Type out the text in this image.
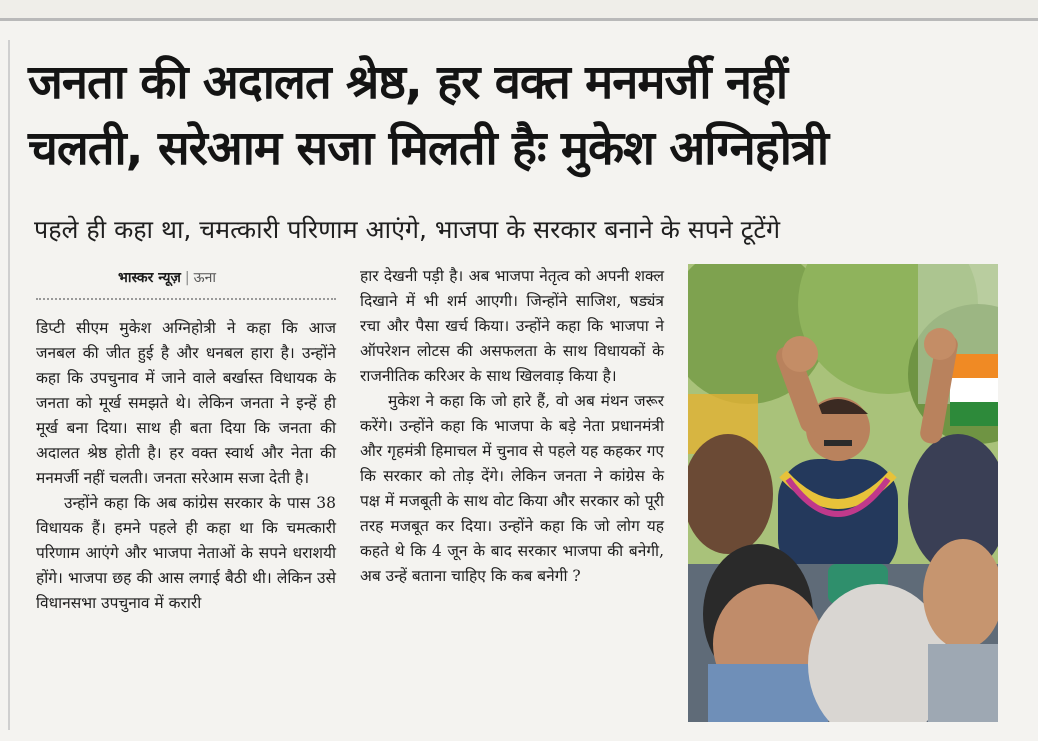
जनता की अदालत श्रेष्ठ, हर वक्त मनमर्जी नहीं
चलती, सरेआम सजा मिलती हैः मुकेश अग्निहोत्री

पहले ही कहा था, चमत्कारी परिणाम आएंगे, भाजपा के सरकार बनाने के सपने टूटेंगे

भास्कर न्यूज़ | ऊना

डिप्टी सीएम मुकेश अग्निहोत्री ने कहा कि आज जनबल की जीत हुई है और धनबल हारा है। उन्होंने कहा कि उपचुनाव में जाने वाले बर्खास्त विधायक के जनता को मूर्ख समझते थे। लेकिन जनता ने इन्हें ही मूर्ख बना दिया। साथ ही बता दिया कि जनता की अदालत श्रेष्ठ होती है। हर वक्त स्वार्थ और नेता की मनमर्जी नहीं चलती। जनता सरेआम सजा देती है।

उन्होंने कहा कि अब कांग्रेस सरकार के पास 38 विधायक हैं। हमने पहले ही कहा था कि चमत्कारी परिणाम आएंगे और भाजपा नेताओं के सपने धराशयी होंगे। भाजपा छह की आस लगाई बैठी थी। लेकिन उसे विधानसभा उपचुनाव में करारी

हार देखनी पड़ी है। अब भाजपा नेतृत्व को अपनी शक्ल दिखाने में भी शर्म आएगी। जिन्होंने साजिश, षड्यंत्र रचा और पैसा खर्च किया। उन्होंने कहा कि भाजपा ने ऑपरेशन लोटस की असफलता के साथ विधायकों के राजनीतिक करिअर के साथ खिलवाड़ किया है।

मुकेश ने कहा कि जो हारे हैं, वो अब मंथन जरूर करेंगे। उन्होंने कहा कि भाजपा के बड़े नेता प्रधानमंत्री और गृहमंत्री हिमाचल में चुनाव से पहले यह कहकर गए कि सरकार को तोड़ देंगे। लेकिन जनता ने कांग्रेस के पक्ष में मजबूती के साथ वोट किया और सरकार को पूरी तरह मजबूत कर दिया। उन्होंने कहा कि जो लोग यह कहते थे कि 4 जून के बाद सरकार भाजपा की बनेगी, अब उन्हें बताना चाहिए कि कब बनेगी ?
